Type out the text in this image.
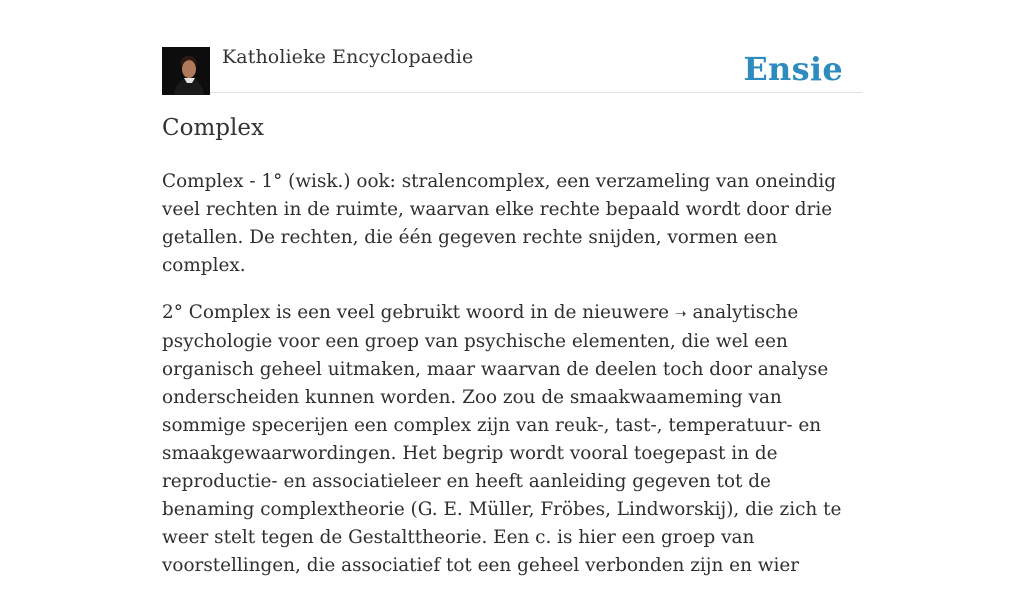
Katholieke Encyclopaedie	Ensie
Complex

Complex - 1° (wisk.) ook: stralencomplex, een verzameling van oneindig veel rechten in de ruimte, waarvan elke rechte bepaald wordt door drie getallen. De rechten, die één gegeven rechte snijden, vormen een complex.

2° Complex is een veel gebruikt woord in de nieuwere ➝ analytische psychologie voor een groep van psychische elementen, die wel een organisch geheel uitmaken, maar waarvan de deelen toch door analyse onderscheiden kunnen worden. Zoo zou de smaakwaameming van sommige specerijen een complex zijn van reuk-, tast-, temperatuur- en smaakgewaarwordingen. Het begrip wordt vooral toegepast in de reproductie- en associatieleer en heeft aanleiding gegeven tot de benaming complextheorie (G. E. Müller, Fröbes, Lindworskij), die zich te weer stelt tegen de Gestalttheorie. Een c. is hier een groep van voorstellingen, die associatief tot een geheel verbonden zijn en wier
